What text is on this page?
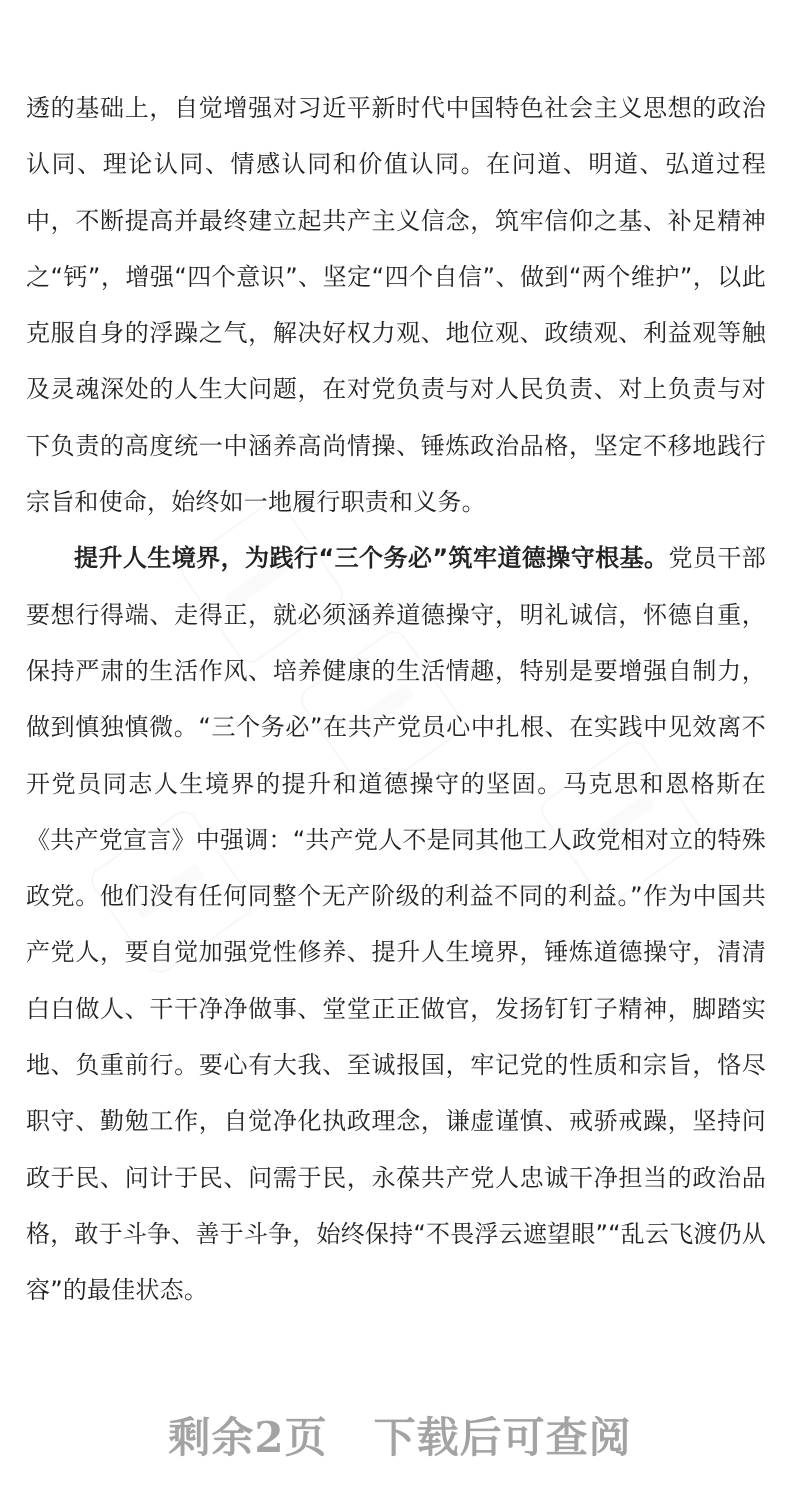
透的基础上，自觉增强对习近平新时代中国特色社会主义思想的政治认同、理论认同、情感认同和价值认同。在问道、明道、弘道过程中，不断提高并最终建立起共产主义信念，筑牢信仰之基、补足精神之“钙”，增强“四个意识”、坚定“四个自信”、做到“两个维护”，以此克服自身的浮躁之气，解决好权力观、地位观、政绩观、利益观等触及灵魂深处的人生大问题，在对党负责与对人民负责、对上负责与对下负责的高度统一中涵养高尚情操、锤炼政治品格，坚定不移地践行宗旨和使命，始终如一地履行职责和义务。

提升人生境界，为践行“三个务必”筑牢道德操守根基。党员干部要想行得端、走得正，就必须涵养道德操守，明礼诚信，怀德自重，保持严肃的生活作风、培养健康的生活情趣，特别是要增强自制力，做到慎独慎微。“三个务必”在共产党员心中扎根、在实践中见效离不开党员同志人生境界的提升和道德操守的坚固。马克思和恩格斯在《共产党宣言》中强调：“共产党人不是同其他工人政党相对立的特殊政党。他们没有任何同整个无产阶级的利益不同的利益。”作为中国共产党人，要自觉加强党性修养、提升人生境界，锤炼道德操守，清清白白做人、干干净净做事、堂堂正正做官，发扬钉钉子精神，脚踏实地、负重前行。要心有大我、至诚报国，牢记党的性质和宗旨，恪尽职守、勤勉工作，自觉净化执政理念，谦虚谨慎、戒骄戒躁，坚持问政于民、问计于民、问需于民，永葆共产党人忠诚干净担当的政治品格，敢于斗争、善于斗争，始终保持“不畏浮云遮望眼”“乱云飞渡仍从容”的最佳状态。

剩余2页 下载后可查阅
